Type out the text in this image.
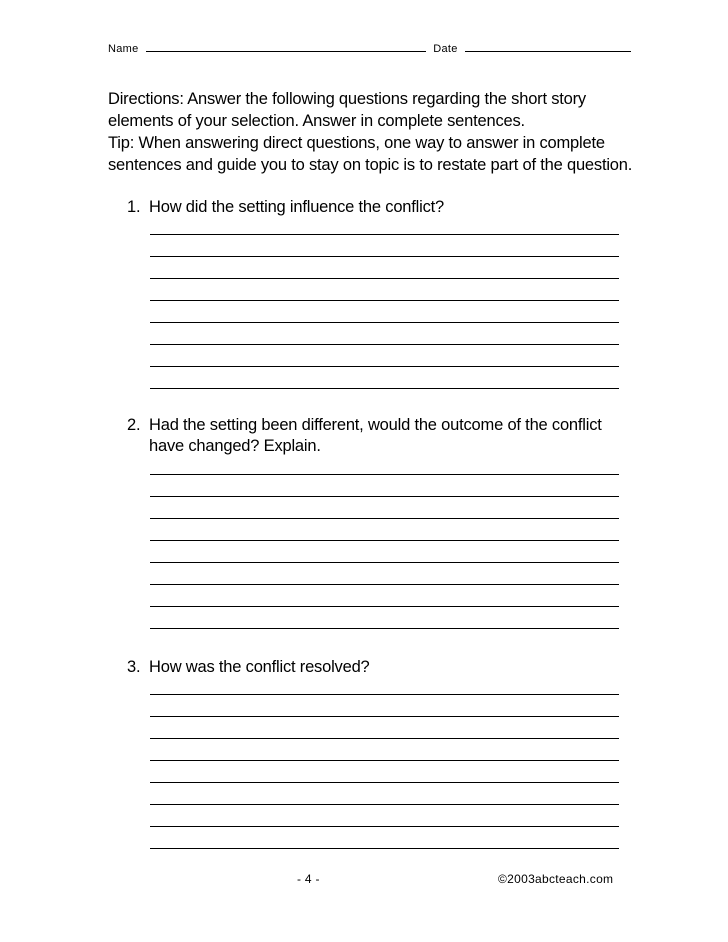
Name	Date
Directions: Answer the following questions regarding the short story
elements of your selection. Answer in complete sentences.
Tip: When answering direct questions, one way to answer in complete
sentences and guide you to stay on topic is to restate part of the question.
1. How did the setting influence the conflict?
2. Had the setting been different, would the outcome of the conflict
have changed? Explain.
3. How was the conflict resolved?
- 4 -	©2003abcteach.com
